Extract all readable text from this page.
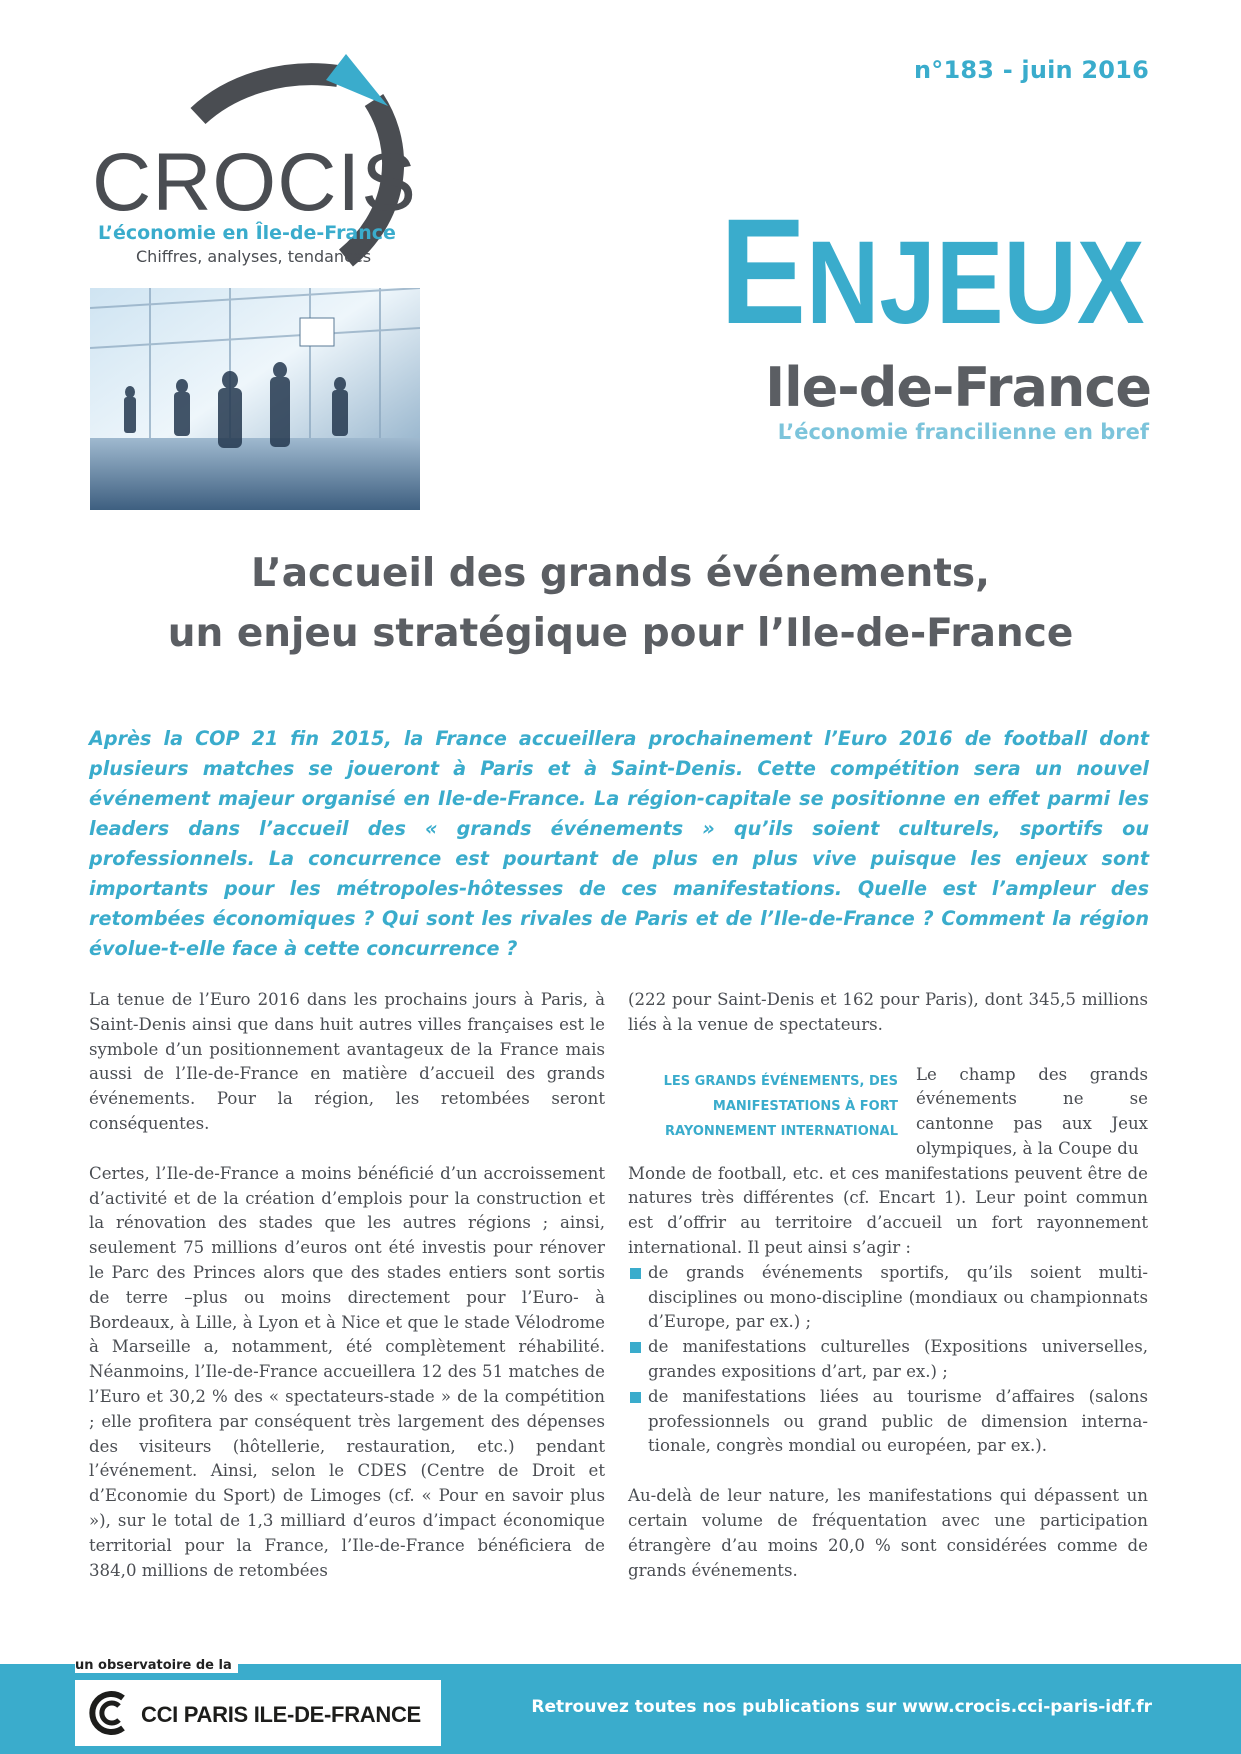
n°183 - juin 2016
CROCIS
L’économie en Île-de-France
Chiffres, analyses, tendances ENJEUX
Ile-de-France
L’économie francilienne en bref
L’accueil des grands événements,
un enjeu stratégique pour l’Ile-de-France
Après la COP 21 fin 2015, la France accueillera prochainement l’Euro 2016 de football dont plusieurs matches se joueront à Paris et à Saint-Denis. Cette compétition sera un nouvel événement majeur organisé en Ile-de-France. La région-capitale se positionne en effet parmi les leaders dans l’accueil des « grands événements » qu’ils soient culturels, sportifs ou professionnels. La concurrence est pourtant de plus en plus vive puisque les enjeux sont importants pour les métropoles-hôtesses de ces manifestations. Quelle est l’ampleur des retombées économiques ? Qui sont les rivales de Paris et de l’Ile-de-France ? Comment la région évolue-t-elle face à cette concurrence ?

La tenue de l’Euro 2016 dans les prochains jours à Paris, à Saint-Denis ainsi que dans huit autres villes françaises est le symbole d’un positionnement avantageux de la France mais aussi de l’Ile-de-France en matière d’accueil des grands événements. Pour la région, les retombées seront conséquentes.

Certes, l’Ile-de-France a moins bénéficié d’un accroissement d’activité et de la création d’emplois pour la construction et la rénovation des stades que les autres régions ; ainsi, seulement 75 millions d’euros ont été investis pour rénover le Parc des Princes alors que des stades entiers sont sortis de terre –plus ou moins directement pour l’Euro- à Bordeaux, à Lille, à Lyon et à Nice et que le stade Vélodrome à Marseille a, notamment, été complètement réhabilité. Néanmoins, l’Ile-de-France accueillera 12 des 51 matches de l’Euro et 30,2 % des « spectateurs-stade » de la compétition ; elle profitera par conséquent très largement des dépenses des visiteurs (hôtellerie, restauration, etc.) pendant l’événement. Ainsi, selon le CDES (Centre de Droit et d’Economie du Sport) de Limoges (cf. « Pour en savoir plus »), sur le total de 1,3 milliard d’euros d’impact économique territorial pour la France, l’Ile-de-France bénéficiera de 384,0 millions de retombées

(222 pour Saint-Denis et 162 pour Paris), dont 345,5 millions liés à la venue de spectateurs.

LES GRANDS ÉVÉNEMENTS, DES MANIFESTATIONS À FORT RAYONNEMENT INTERNATIONAL
Le champ des grands événements ne se cantonne pas aux Jeux olympiques, à la Coupe du

Monde de football, etc. et ces manifestations peuvent être de natures très différentes (cf. Encart 1). Leur point commun est d’offrir au territoire d’accueil un fort rayonnement international. Il peut ainsi s’agir :

de grands événements sportifs, qu’ils soient multi-disciplines ou mono-discipline (mondiaux ou championnats d’Europe, par ex.) ;
de manifestations culturelles (Expositions universelles, grandes expositions d’art, par ex.) ;
de manifestations liées au tourisme d’affaires (salons professionnels ou grand public de dimension internationale, congrès mondial ou européen, par ex.).

Au-delà de leur nature, les manifestations qui dépassent un certain volume de fréquentation avec une participation étrangère d’au moins 20,0 % sont considérées comme de grands événements.

un observatoire de la
CCI PARIS ILE-DE-FRANCE	Retrouvez toutes nos publications sur www.crocis.cci-paris-idf.fr
